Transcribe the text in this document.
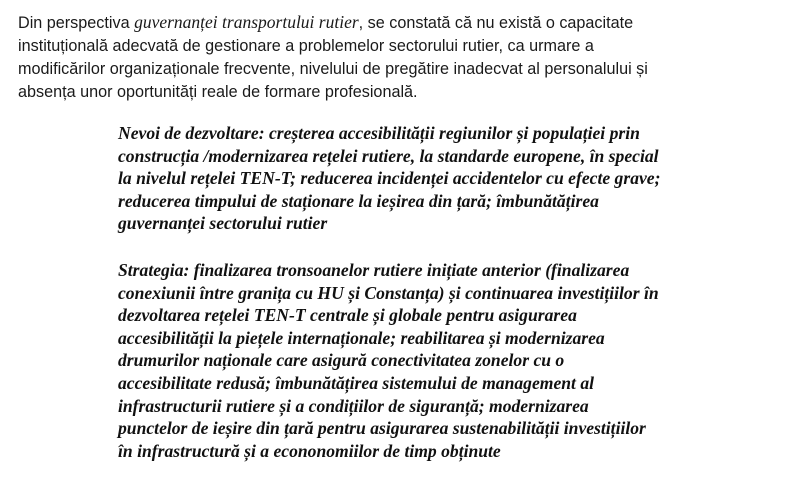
Din perspectiva guvernanței transportului rutier, se constată că nu există o capacitate
instituțională adecvată de gestionare a problemelor sectorului rutier, ca urmare a
modificărilor organizaționale frecvente, nivelului de pregătire inadecvat al personalului și
absența unor oportunități reale de formare profesională.
Nevoi de dezvoltare: creșterea accesibilității regiunilor și populației prin
construcția /modernizarea rețelei rutiere, la standarde europene, în special
la nivelul rețelei TEN-T; reducerea incidenței accidentelor cu efecte grave;
reducerea timpului de staționare la ieșirea din țară; îmbunătățirea
guvernanței sectorului rutier
Strategia: finalizarea tronsoanelor rutiere inițiate anterior (finalizarea
conexiunii între granița cu HU și Constanța) și continuarea investițiilor în
dezvoltarea rețelei TEN-T centrale și globale pentru asigurarea
accesibilității la piețele internaționale; reabilitarea și modernizarea
drumurilor naționale care asigură conectivitatea zonelor cu o
accesibilitate redusă; îmbunătățirea sistemului de management al
infrastructurii rutiere și a condițiilor de siguranță; modernizarea
punctelor de ieșire din țară pentru asigurarea sustenabilității investițiilor
în infrastructură și a econonomiilor de timp obținute
